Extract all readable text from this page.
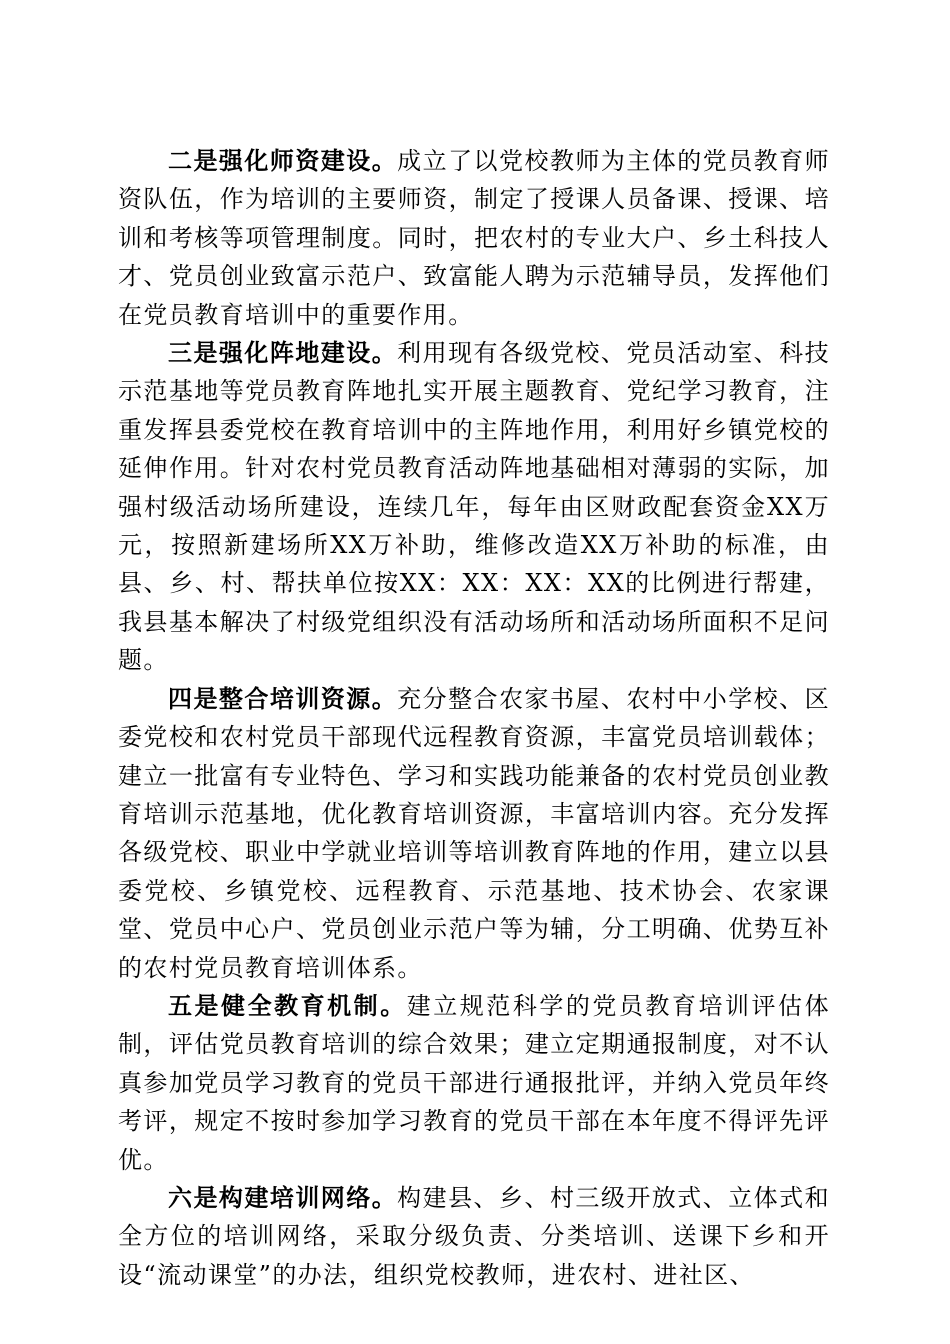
二是强化师资建设。成立了以党校教师为主体的党员教育师资队伍，作为培训的主要师资，制定了授课人员备课、授课、培训和考核等项管理制度。同时，把农村的专业大户、乡土科技人才、党员创业致富示范户、致富能人聘为示范辅导员，发挥他们在党员教育培训中的重要作用。

三是强化阵地建设。利用现有各级党校、党员活动室、科技示范基地等党员教育阵地扎实开展主题教育、党纪学习教育，注重发挥县委党校在教育培训中的主阵地作用，利用好乡镇党校的延伸作用。针对农村党员教育活动阵地基础相对薄弱的实际，加强村级活动场所建设，连续几年，每年由区财政配套资金XX万元，按照新建场所XX万补助，维修改造XX万补助的标准，由县、乡、村、帮扶单位按XX：XX：XX：XX的比例进行帮建，我县基本解决了村级党组织没有活动场所和活动场所面积不足问题。

四是整合培训资源。充分整合农家书屋、农村中小学校、区委党校和农村党员干部现代远程教育资源，丰富党员培训载体；建立一批富有专业特色、学习和实践功能兼备的农村党员创业教育培训示范基地，优化教育培训资源，丰富培训内容。充分发挥各级党校、职业中学就业培训等培训教育阵地的作用，建立以县委党校、乡镇党校、远程教育、示范基地、技术协会、农家课堂、党员中心户、党员创业示范户等为辅，分工明确、优势互补的农村党员教育培训体系。

五是健全教育机制。建立规范科学的党员教育培训评估体制，评估党员教育培训的综合效果；建立定期通报制度，对不认真参加党员学习教育的党员干部进行通报批评，并纳入党员年终考评，规定不按时参加学习教育的党员干部在本年度不得评先评优。

六是构建培训网络。构建县、乡、村三级开放式、立体式和全方位的培训网络，采取分级负责、分类培训、送课下乡和开设“流动课堂”的办法，组织党校教师，进农村、进社区、
